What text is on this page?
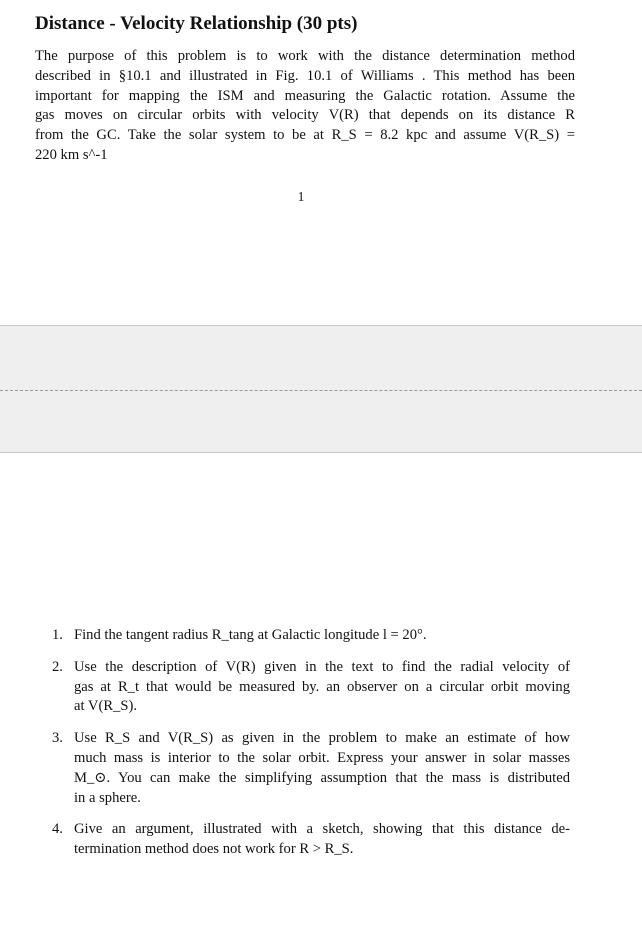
Distance - Velocity Relationship (30 pts)
The purpose of this problem is to work with the distance determination method
described in §10.1 and illustrated in Fig. 10.1 of Williams . This method has been
important for mapping the ISM and measuring the Galactic rotation. Assume the
gas moves on circular orbits with velocity V(R) that depends on its distance R
from the GC. Take the solar system to be at R_S = 8.2 kpc and assume V(R_S) =
220 km s^-1
1
1. Find the tangent radius R_tang at Galactic longitude l = 20°.
2. Use the description of V(R) given in the text to find the radial velocity of
gas at R_t that would be measured by. an observer on a circular orbit moving
at V(R_S).
3. Use R_S and V(R_S) as given in the problem to make an estimate of how
much mass is interior to the solar orbit. Express your answer in solar masses
M_⊙. You can make the simplifying assumption that the mass is distributed
in a sphere.
4. Give an argument, illustrated with a sketch, showing that this distance de-
termination method does not work for R > R_S.
